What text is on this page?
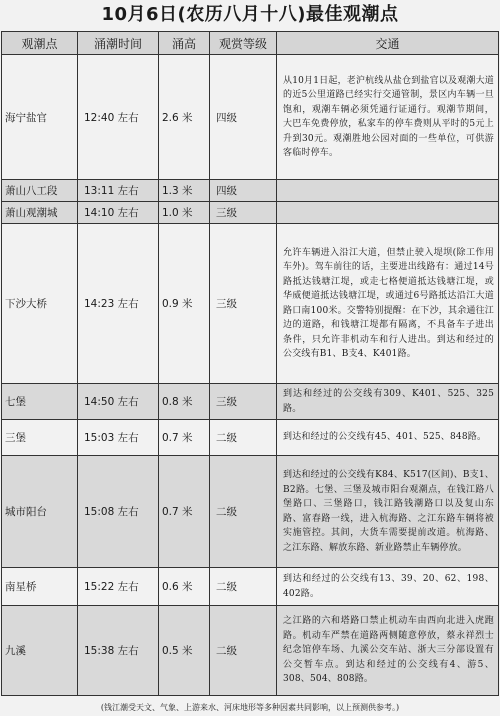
10月6日(农历八月十八)最佳观潮点
观潮点	涌潮时间	涌高	观赏等级	交通
海宁盐官	12:40 左右	2.6 米	四级	从10月1日起，老沪杭线从盐仓到盐官以及观潮大道的近5公里道路已经实行交通管制，景区内车辆一旦饱和，观潮车辆必须凭通行证通行。观潮节期间，大巴车免费停放，私家车的停车费则从平时的5元上升到30元。观潮胜地公园对面的一些单位，可供游客临时停车。
萧山八工段	13:11 左右	1.3 米	四级	
萧山观潮城	14:10 左右	1.0 米	三级	
下沙大桥	14:23 左右	0.9 米	三级	允许车辆进入沿江大道，但禁止驶入堤坝(除工作用车外)。驾车前往的话，主要进出线路有：通过14号路抵达钱塘江堤，或走七格便道抵达钱塘江堤，或华威便道抵达钱塘江堤，或通过6号路抵达沿江大道路口南100米。交警特别提醒：在下沙，其余通往江边的道路，和钱塘江堤都有隔离，不具备车子进出条件，只允许非机动车和行人进出。到达和经过的公交线有B1、B支4、K401路。
七堡	14:50 左右	0.8 米	三级	到达和经过的公交线有309、K401、525、325路。
三堡	15:03 左右	0.7 米	二级	到达和经过的公交线有45、401、525、848路。
城市阳台	15:08 左右	0.7 米	二级	到达和经过的公交线有K84、K517(区间)、B支1、B2路。七堡、三堡及城市阳台观潮点，在钱江路八堡路口、三堡路口，钱江路钱潮路口以及复山东路、富春路一线，进入杭海路、之江东路车辆将被实施管控。其间，大货车需要提前改道。杭海路、之江东路、解放东路、新业路禁止车辆停放。
南星桥	15:22 左右	0.6 米	二级	到达和经过的公交线有13、39、20、62、198、402路。
九溪	15:38 左右	0.5 米	二级	之江路的六和塔路口禁止机动车由西向北进入虎跑路。机动车严禁在道路两侧随意停放，蔡永祥烈士纪念馆停车场、九溪公交车站、浙大三分部设置有公交暂车点。到达和经过的公交线有4、游5、308、504、808路。
(钱江潮受天文、气象、上游来水、河床地形等多种因素共同影响，以上预测供参考。)
